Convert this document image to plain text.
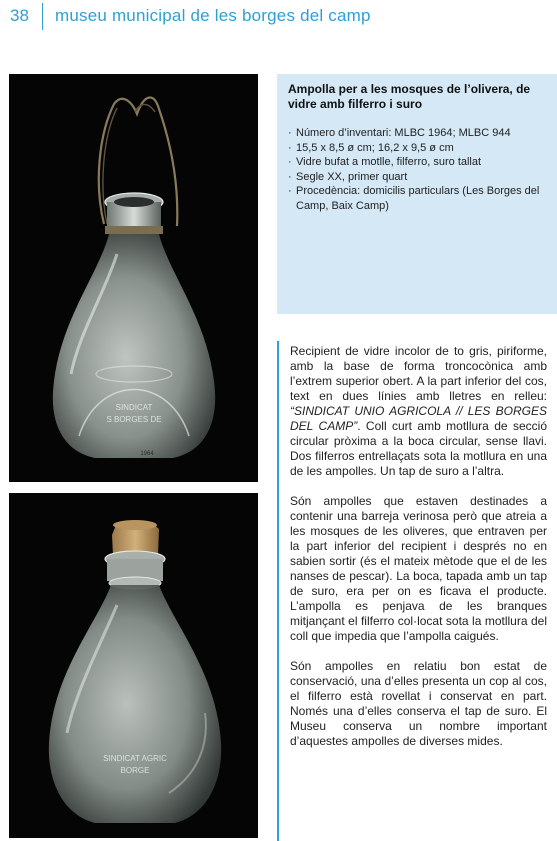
38 museu municipal de les borges del camp
SINDICAT
S BORGES DE
1964
SINDICAT AGRIC
BORGE
Ampolla per a les mosques de l’olivera, de vidre amb filferro i suro
· Número d’inventari: MLBC 1964; MLBC 944
· 15,5 x 8,5 ø cm; 16,2 x 9,5 ø cm
· Vidre bufat a motlle, filferro, suro tallat
· Segle XX, primer quart
· Procedència: domicilis particulars (Les Borges del Camp, Baix Camp)

Recipient de vidre incolor de to gris, piriforme, amb la base de forma troncocònica amb l’extrem superior obert. A la part inferior del cos, text en dues línies amb lletres en relleu: “SINDICAT UNIO AGRICOLA // LES BORGES DEL CAMP”. Coll curt amb motllura de secció circular pròxima a la boca circular, sense llavi. Dos filferros entrellaçats sota la motllura en una de les ampolles. Un tap de suro a l’altra.

Són ampolles que estaven destinades a contenir una barreja verinosa però que atreia a les mosques de les oliveres, que entraven per la part inferior del recipient i després no en sabien sortir (és el mateix mètode que el de les nanses de pescar). La boca, tapada amb un tap de suro, era per on es ficava el producte. L’ampolla es penjava de les branques mitjançant el filferro col·locat sota la motllura del coll que impedia que l’ampolla caigués.

Són ampolles en relatiu bon estat de conservació, una d’elles presenta un cop al cos, el filferro està rovellat i conservat en part. Només una d’elles conserva el tap de suro. El Museu conserva un nombre important d’aquestes ampolles de diverses mides.
